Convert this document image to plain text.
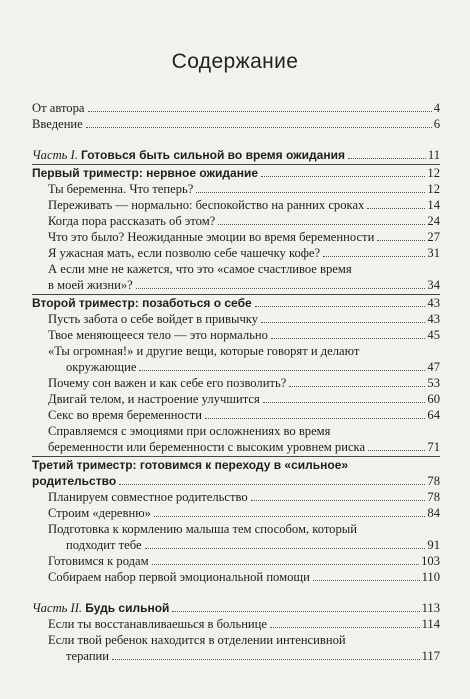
Содержание
От автора	4
Введение	6
Часть I. Готовься быть сильной во время ожидания	11
Первый триместр: нервное ожидание	12
Ты беременна. Что теперь?	12
Переживать — нормально: беспокойство на ранних сроках	14
Когда пора рассказать об этом?	24
Что это было? Неожиданные эмоции во время беременности	27
Я ужасная мать, если позволю себе чашечку кофе?	31
А если мне не кажется, что это «самое счастливое время
в моей жизни»?	34
Второй триместр: позаботься о себе	43
Пусть забота о себе войдет в привычку	43
Твое меняющееся тело — это нормально	45
«Ты огромная!» и другие вещи, которые говорят и делают
окружающие	47
Почему сон важен и как себе его позволить?	53
Двигай телом, и настроение улучшится	60
Секс во время беременности	64
Справляемся с эмоциями при осложнениях во время
беременности или беременности с высоким уровнем риска	71
Третий триместр: готовимся к переходу в «сильное»
родительство	78
Планируем совместное родительство	78
Строим «деревню»	84
Подготовка к кормлению малыша тем способом, который
подходит тебе	91
Готовимся к родам	103
Собираем набор первой эмоциональной помощи	110
Часть II. Будь сильной	113
Если ты восстанавливаешься в больнице	114
Если твой ребенок находится в отделении интенсивной
терапии	117
